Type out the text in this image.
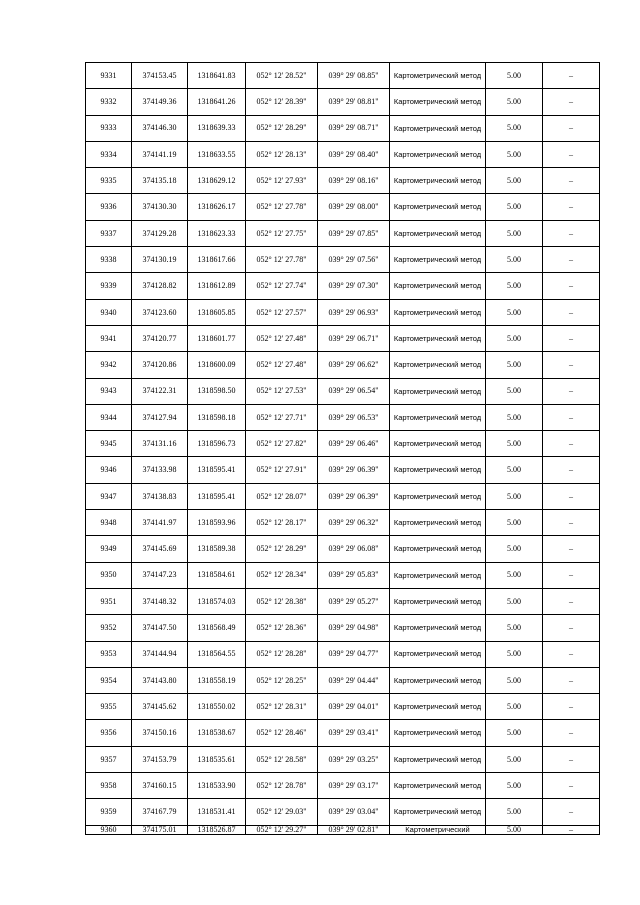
9331	374153.45	1318641.83	052° 12' 28.52"	039° 29' 08.85"	Картометрический метод	5.00	–
9332	374149.36	1318641.26	052° 12' 28.39"	039° 29' 08.81"	Картометрический метод	5.00	–
9333	374146.30	1318639.33	052° 12' 28.29"	039° 29' 08.71"	Картометрический метод	5.00	–
9334	374141.19	1318633.55	052° 12' 28.13"	039° 29' 08.40"	Картометрический метод	5.00	–
9335	374135.18	1318629.12	052° 12' 27.93"	039° 29' 08.16"	Картометрический метод	5.00	–
9336	374130.30	1318626.17	052° 12' 27.78"	039° 29' 08.00"	Картометрический метод	5.00	–
9337	374129.28	1318623.33	052° 12' 27.75"	039° 29' 07.85"	Картометрический метод	5.00	–
9338	374130.19	1318617.66	052° 12' 27.78"	039° 29' 07.56"	Картометрический метод	5.00	–
9339	374128.82	1318612.89	052° 12' 27.74"	039° 29' 07.30"	Картометрический метод	5.00	–
9340	374123.60	1318605.85	052° 12' 27.57"	039° 29' 06.93"	Картометрический метод	5.00	–
9341	374120.77	1318601.77	052° 12' 27.48"	039° 29' 06.71"	Картометрический метод	5.00	–
9342	374120.86	1318600.09	052° 12' 27.48"	039° 29' 06.62"	Картометрический метод	5.00	–
9343	374122.31	1318598.50	052° 12' 27.53"	039° 29' 06.54"	Картометрический метод	5.00	–
9344	374127.94	1318598.18	052° 12' 27.71"	039° 29' 06.53"	Картометрический метод	5.00	–
9345	374131.16	1318596.73	052° 12' 27.82"	039° 29' 06.46"	Картометрический метод	5.00	–
9346	374133.98	1318595.41	052° 12' 27.91"	039° 29' 06.39"	Картометрический метод	5.00	–
9347	374138.83	1318595.41	052° 12' 28.07"	039° 29' 06.39"	Картометрический метод	5.00	–
9348	374141.97	1318593.96	052° 12' 28.17"	039° 29' 06.32"	Картометрический метод	5.00	–
9349	374145.69	1318589.38	052° 12' 28.29"	039° 29' 06.08"	Картометрический метод	5.00	–
9350	374147.23	1318584.61	052° 12' 28.34"	039° 29' 05.83"	Картометрический метод	5.00	–
9351	374148.32	1318574.03	052° 12' 28.38"	039° 29' 05.27"	Картометрический метод	5.00	–
9352	374147.50	1318568.49	052° 12' 28.36"	039° 29' 04.98"	Картометрический метод	5.00	–
9353	374144.94	1318564.55	052° 12' 28.28"	039° 29' 04.77"	Картометрический метод	5.00	–
9354	374143.80	1318558.19	052° 12' 28.25"	039° 29' 04.44"	Картометрический метод	5.00	–
9355	374145.62	1318550.02	052° 12' 28.31"	039° 29' 04.01"	Картометрический метод	5.00	–
9356	374150.16	1318538.67	052° 12' 28.46"	039° 29' 03.41"	Картометрический метод	5.00	–
9357	374153.79	1318535.61	052° 12' 28.58"	039° 29' 03.25"	Картометрический метод	5.00	–
9358	374160.15	1318533.90	052° 12' 28.78"	039° 29' 03.17"	Картометрический метод	5.00	–
9359	374167.79	1318531.41	052° 12' 29.03"	039° 29' 03.04"	Картометрический метод	5.00	–
9360	374175.01	1318526.87	052° 12' 29.27"	039° 29' 02.81"	Картометрический	5.00	–
